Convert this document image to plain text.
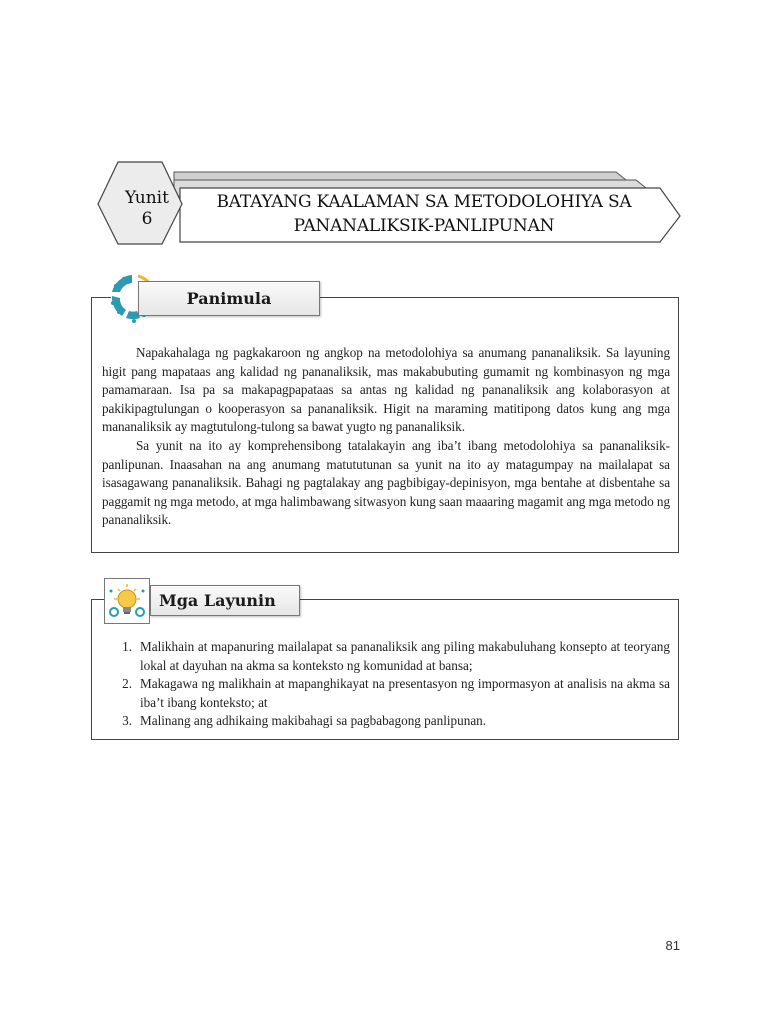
Yunit
6
BATAYANG KAALAMAN SA METODOLOHIYA SA
PANANALIKSIK-PANLIPUNAN

Napakahalaga ng pagkakaroon ng angkop na metodolohiya sa anumang pananaliksik. Sa layuning higit pang mapataas ang kalidad ng pananaliksik, mas makabubuting gumamit ng kombinasyon ng mga pamamaraan. Isa pa sa makapagpapataas sa antas ng kalidad ng pananaliksik ang kolaborasyon at pakikipagtulungan o kooperasyon sa pananaliksik. Higit na maraming matitipong datos kung ang mga mananaliksik ay magtutulong-tulong sa bawat yugto ng pananaliksik.

Sa yunit na ito ay komprehensibong tatalakayin ang iba’t ibang metodolohiya sa pananaliksik-panlipunan. Inaasahan na ang anumang matututunan sa yunit na ito ay matagumpay na mailalapat sa isasagawang pananaliksik. Bahagi ng pagtalakay ang pagbibigay-depinisyon, mga bentahe at disbentahe sa paggamit ng mga metodo, at mga halimbawang sitwasyon kung saan maaaring magamit ang mga metodo ng pananaliksik.

Panimula
1. Malikhain at mapanuring mailalapat sa pananaliksik ang piling makabuluhang konsepto at teoryang lokal at dayuhan na akma sa konteksto ng komunidad at bansa;
2. Makagawa ng malikhain at mapanghikayat na presentasyon ng impormasyon at analisis na akma sa iba’t ibang konteksto; at
3. Malinang ang adhikaing makibahagi sa pagbabagong panlipunan.
Mga Layunin
81
